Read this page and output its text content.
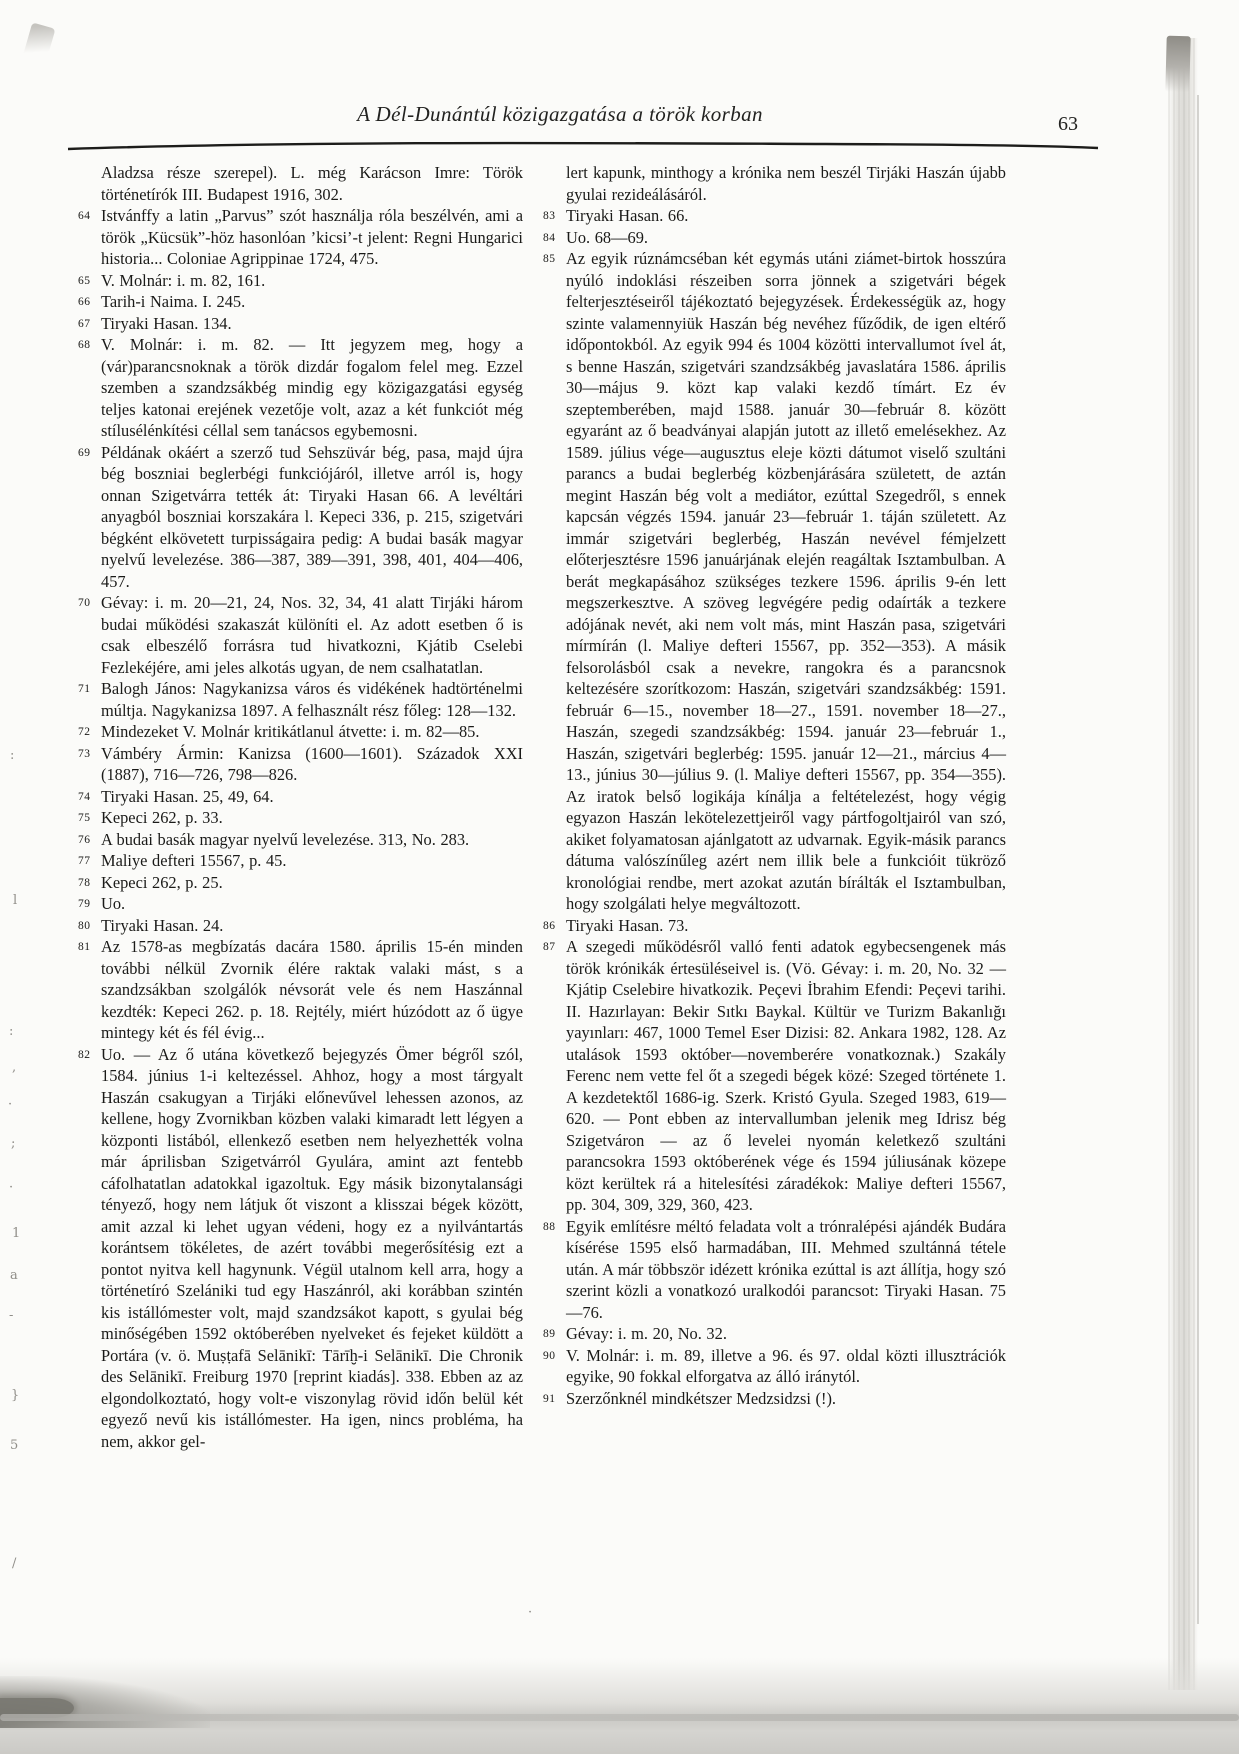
A Dél-Dunántúl közigazgatása a török korban	63
Aladzsa része szerepel). L. még Karácson Imre: Török történetírók III. Budapest 1916, 302.
64 Istvánffy a latin „Parvus” szót használja róla beszélvén, ami a török „Kücsük”-höz hasonlóan ’kicsi’-t jelent: Regni Hungarici historia... Coloniae Agrippinae 1724, 475.
65 V. Molnár: i. m. 82, 161.
66 Tarih-i Naima. I. 245.
67 Tiryaki Hasan. 134.
68 V. Molnár: i. m. 82. — Itt jegyzem meg, hogy a (vár)parancsnoknak a török dizdár fogalom felel meg. Ezzel szemben a szandzsákbég mindig egy közigazgatási egység teljes katonai erejének vezetője volt, azaz a két funkciót még stílusélénkítési céllal sem tanácsos egybemosni.
69 Példának okáért a szerző tud Sehszüvár bég, pasa, majd újra bég boszniai beglerbégi funkciójáról, illetve arról is, hogy onnan Szigetvárra tették át: Tiryaki Hasan 66. A levéltári anyagból boszniai korszakára l. Kepeci 336, p. 215, szigetvári bégként elkövetett turpisságaira pedig: A budai basák magyar nyelvű levelezése. 386—387, 389—391, 398, 401, 404—406, 457.
70 Gévay: i. m. 20—21, 24, Nos. 32, 34, 41 alatt Tirjáki három budai működési szakaszát különíti el. Az adott esetben ő is csak elbeszélő forrásra tud hivatkozni, Kjátib Cselebi Fezlekéjére, ami jeles alkotás ugyan, de nem csalhatatlan.
71 Balogh János: Nagykanizsa város és vidékének hadtörténelmi múltja. Nagykanizsa 1897. A felhasznált rész főleg: 128—132.
72 Mindezeket V. Molnár kritikátlanul átvette: i. m. 82—85.
73 Vámbéry Ármin: Kanizsa (1600—1601). Századok XXI (1887), 716—726, 798—826.
74 Tiryaki Hasan. 25, 49, 64.
75 Kepeci 262, p. 33.
76 A budai basák magyar nyelvű levelezése. 313, No. 283.
77 Maliye defteri 15567, p. 45.
78 Kepeci 262, p. 25.
79 Uo.
80 Tiryaki Hasan. 24.
81 Az 1578-as megbízatás dacára 1580. április 15-én minden további nélkül Zvornik élére raktak valaki mást, s a szandzsákban szolgálók névsorát vele és nem Haszánnal kezdték: Kepeci 262. p. 18. Rejtély, miért húzódott az ő ügye mintegy két és fél évig...
82 Uo. — Az ő utána következő bejegyzés Ömer bégről szól, 1584. június 1-i keltezéssel. Ahhoz, hogy a most tárgyalt Haszán csakugyan a Tirjáki előnevűvel lehessen azonos, az kellene, hogy Zvornikban közben valaki kimaradt lett légyen a központi listából, ellenkező esetben nem helyezhették volna már áprilisban Szigetvárról Gyulára, amint azt fentebb cáfolhatatlan adatokkal igazoltuk. Egy másik bizonytalansági tényező, hogy nem látjuk őt viszont a klisszai bégek között, amit azzal ki lehet ugyan védeni, hogy ez a nyilvántartás korántsem tökéletes, de azért további megerősítésig ezt a pontot nyitva kell hagynunk. Végül utalnom kell arra, hogy a történetíró Szelániki tud egy Haszánról, aki korábban szintén kis istállómester volt, majd szandzsákot kapott, s gyulai bég minőségében 1592 októberében nyelveket és fejeket küldött a Portára (v. ö. Muṣṭafā Selānikī: Tārīḫ-i Selānikī. Die Chronik des Selānikī. Freiburg 1970 [reprint kiadás]. 338. Ebben az az elgondolkoztató, hogy volt-e viszonylag rövid időn belül két egyező nevű kis istállómester. Ha igen, nincs probléma, ha nem, akkor gel-
lert kapunk, minthogy a krónika nem beszél Tirjáki Haszán újabb gyulai rezideálásáról.
83 Tiryaki Hasan. 66.
84 Uo. 68—69.
85 Az egyik rúznámcséban két egymás utáni ziámet-birtok hosszúra nyúló indoklási részeiben sorra jönnek a szigetvári bégek felterjesztéseiről tájékoztató bejegyzések. Érdekességük az, hogy szinte valamennyiük Haszán bég nevéhez fűződik, de igen eltérő időpontokból. Az egyik 994 és 1004 közötti intervallumot ível át, s benne Haszán, szigetvári szandzsákbég javaslatára 1586. április 30—május 9. közt kap valaki kezdő tímárt. Ez év szeptemberében, majd 1588. január 30—február 8. között egyaránt az ő beadványai alapján jutott az illető emelésekhez. Az 1589. július vége—augusztus eleje közti dátumot viselő szultáni parancs a budai beglerbég közbenjárására született, de aztán megint Haszán bég volt a mediátor, ezúttal Szegedről, s ennek kapcsán végzés 1594. január 23—február 1. táján született. Az immár szigetvári beglerbég, Haszán nevével fémjelzett előterjesztésre 1596 januárjának elején reagáltak Isztambulban. A berát megkapásához szükséges tezkere 1596. április 9-én lett megszerkesztve. A szöveg legvégére pedig odaírták a tezkere adójának nevét, aki nem volt más, mint Haszán pasa, szigetvári mírmírán (l. Maliye defteri 15567, pp. 352—353). A másik felsorolásból csak a nevekre, rangokra és a parancsnok keltezésére szorítkozom: Haszán, szigetvári szandzsákbég: 1591. február 6—15., november 18—27., 1591. november 18—27., Haszán, szegedi szandzsákbég: 1594. január 23—február 1., Haszán, szigetvári beglerbég: 1595. január 12—21., március 4—13., június 30—július 9. (l. Maliye defteri 15567, pp. 354—355). Az iratok belső logikája kínálja a feltételezést, hogy végig egyazon Haszán lekötelezettjeiről vagy pártfogoltjairól van szó, akiket folyamatosan ajánlgatott az udvarnak. Egyik-másik parancs dátuma valószínűleg azért nem illik bele a funkcióit tükröző kronológiai rendbe, mert azokat azután bírálták el Isztambulban, hogy szolgálati helye megváltozott.
86 Tiryaki Hasan. 73.
87 A szegedi működésről valló fenti adatok egybecsengenek más török krónikák értesüléseivel is. (Vö. Gévay: i. m. 20, No. 32 — Kjátip Cselebire hivatkozik. Peçevi İbrahim Efendi: Peçevi tarihi. II. Hazırlayan: Bekir Sıtkı Baykal. Kültür ve Turizm Bakanlığı yayınları: 467, 1000 Temel Eser Dizisi: 82. Ankara 1982, 128. Az utalások 1593 október—novemberére vonatkoznak.) Szakály Ferenc nem vette fel őt a szegedi bégek közé: Szeged története 1. A kezdetektől 1686-ig. Szerk. Kristó Gyula. Szeged 1983, 619—620. — Pont ebben az intervallumban jelenik meg Idrisz bég Szigetváron — az ő levelei nyomán keletkező szultáni parancsokra 1593 októberének vége és 1594 júliusának közepe közt kerültek rá a hitelesítési záradékok: Maliye defteri 15567, pp. 304, 309, 329, 360, 423.
88 Egyik említésre méltó feladata volt a trónralépési ajándék Budára kísérése 1595 első harmadában, III. Mehmed szultánná tétele után. A már többször idézett krónika ezúttal is azt állítja, hogy szó szerint közli a vonatkozó uralkodói parancsot: Tiryaki Hasan. 75—76.
89 Gévay: i. m. 20, No. 32.
90 V. Molnár: i. m. 89, illetve a 96. és 97. oldal közti illusztrációk egyike, 90 fokkal elforgatva az álló iránytól.
91 Szerzőnknél mindkétszer Medzsidzsi (!).
:
l
:
,
·
;
·
1
a
-
}
5
/
·
